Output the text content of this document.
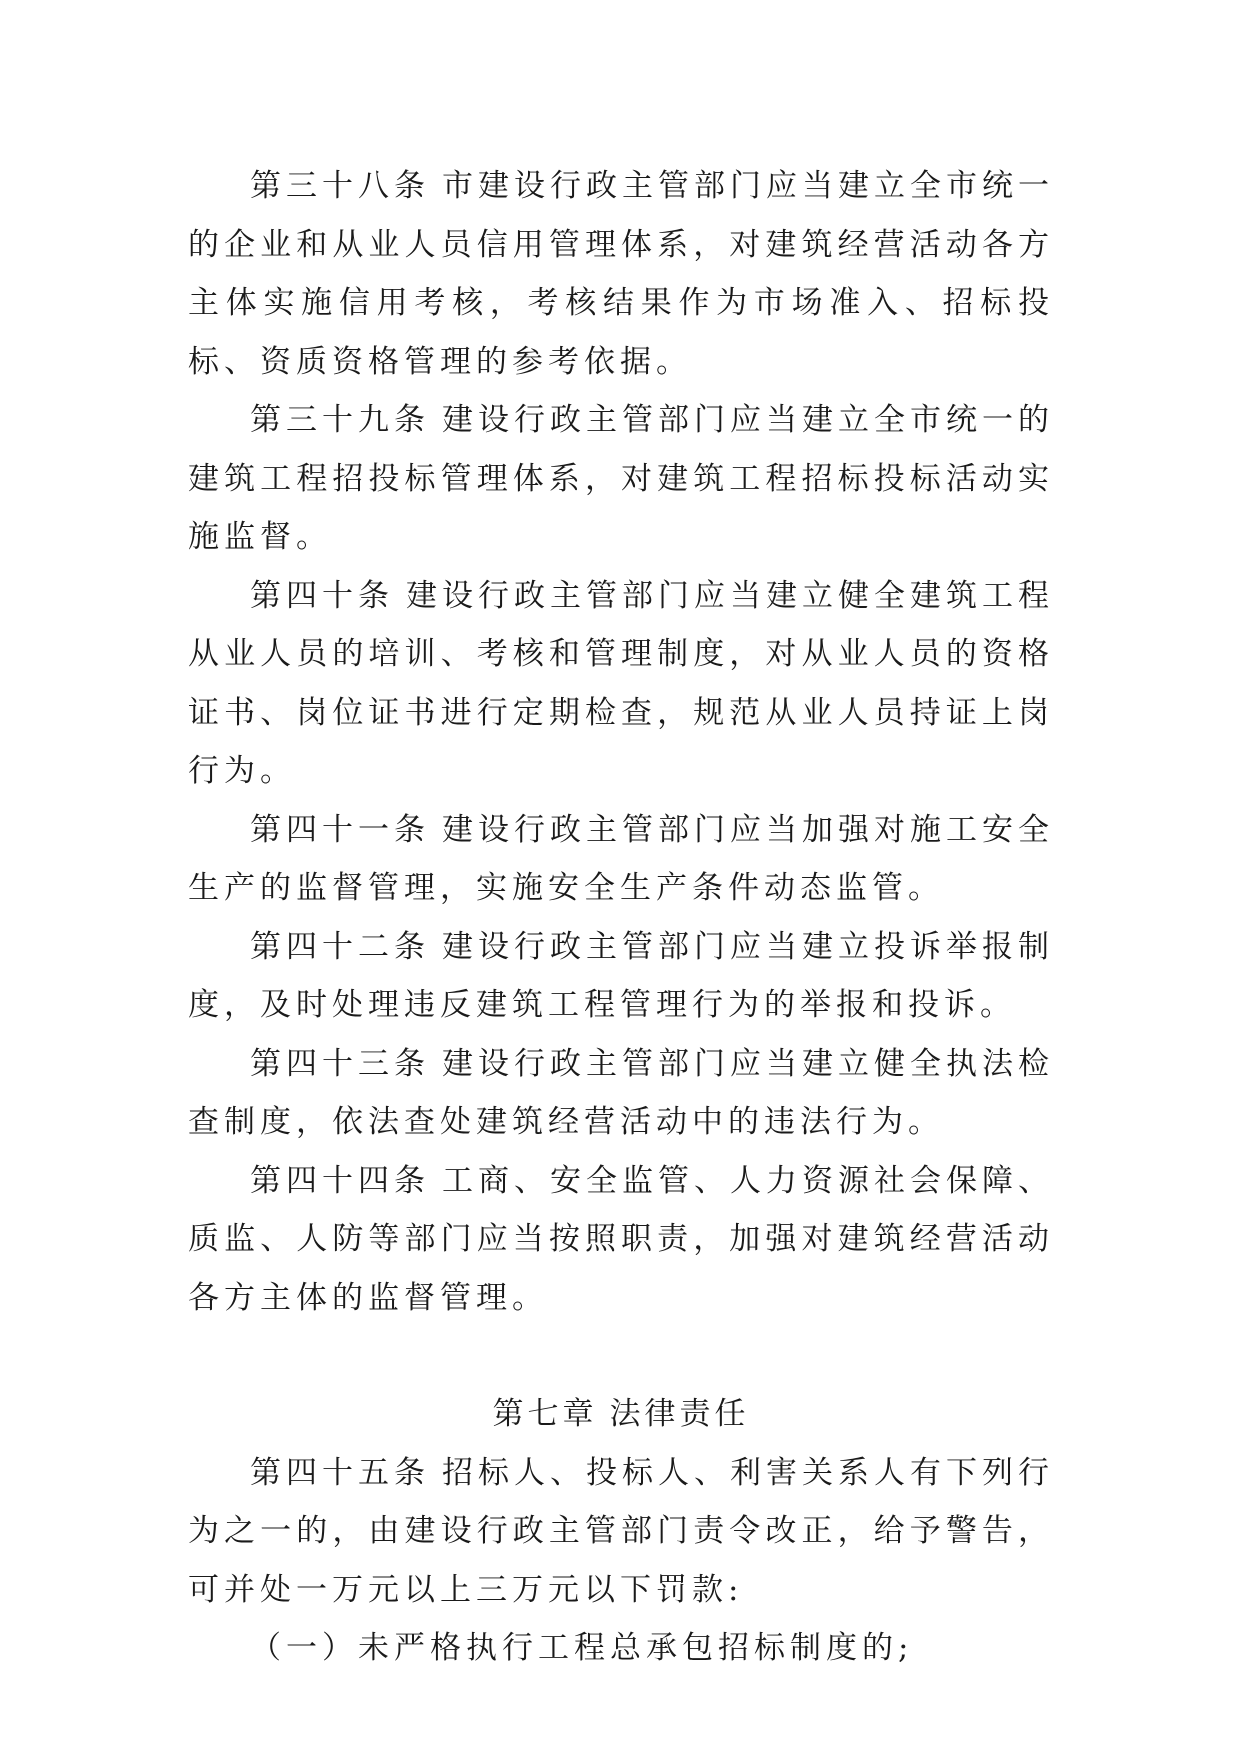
第三十八条 市建设行政主管部门应当建立全市统一的企业和从业人员信用管理体系，对建筑经营活动各方主体实施信用考核，考核结果作为市场准入、招标投标、资质资格管理的参考依据。

第三十九条 建设行政主管部门应当建立全市统一的建筑工程招投标管理体系，对建筑工程招标投标活动实施监督。

第四十条 建设行政主管部门应当建立健全建筑工程从业人员的培训、考核和管理制度，对从业人员的资格证书、岗位证书进行定期检查，规范从业人员持证上岗行为。

第四十一条 建设行政主管部门应当加强对施工安全生产的监督管理，实施安全生产条件动态监管。

第四十二条 建设行政主管部门应当建立投诉举报制度，及时处理违反建筑工程管理行为的举报和投诉。

第四十三条 建设行政主管部门应当建立健全执法检查制度，依法查处建筑经营活动中的违法行为。

第四十四条 工商、安全监管、人力资源社会保障、质监、人防等部门应当按照职责，加强对建筑经营活动各方主体的监督管理。

第七章 法律责任

第四十五条 招标人、投标人、利害关系人有下列行为之一的，由建设行政主管部门责令改正，给予警告，可并处一万元以上三万元以下罚款:

（一）未严格执行工程总承包招标制度的;
